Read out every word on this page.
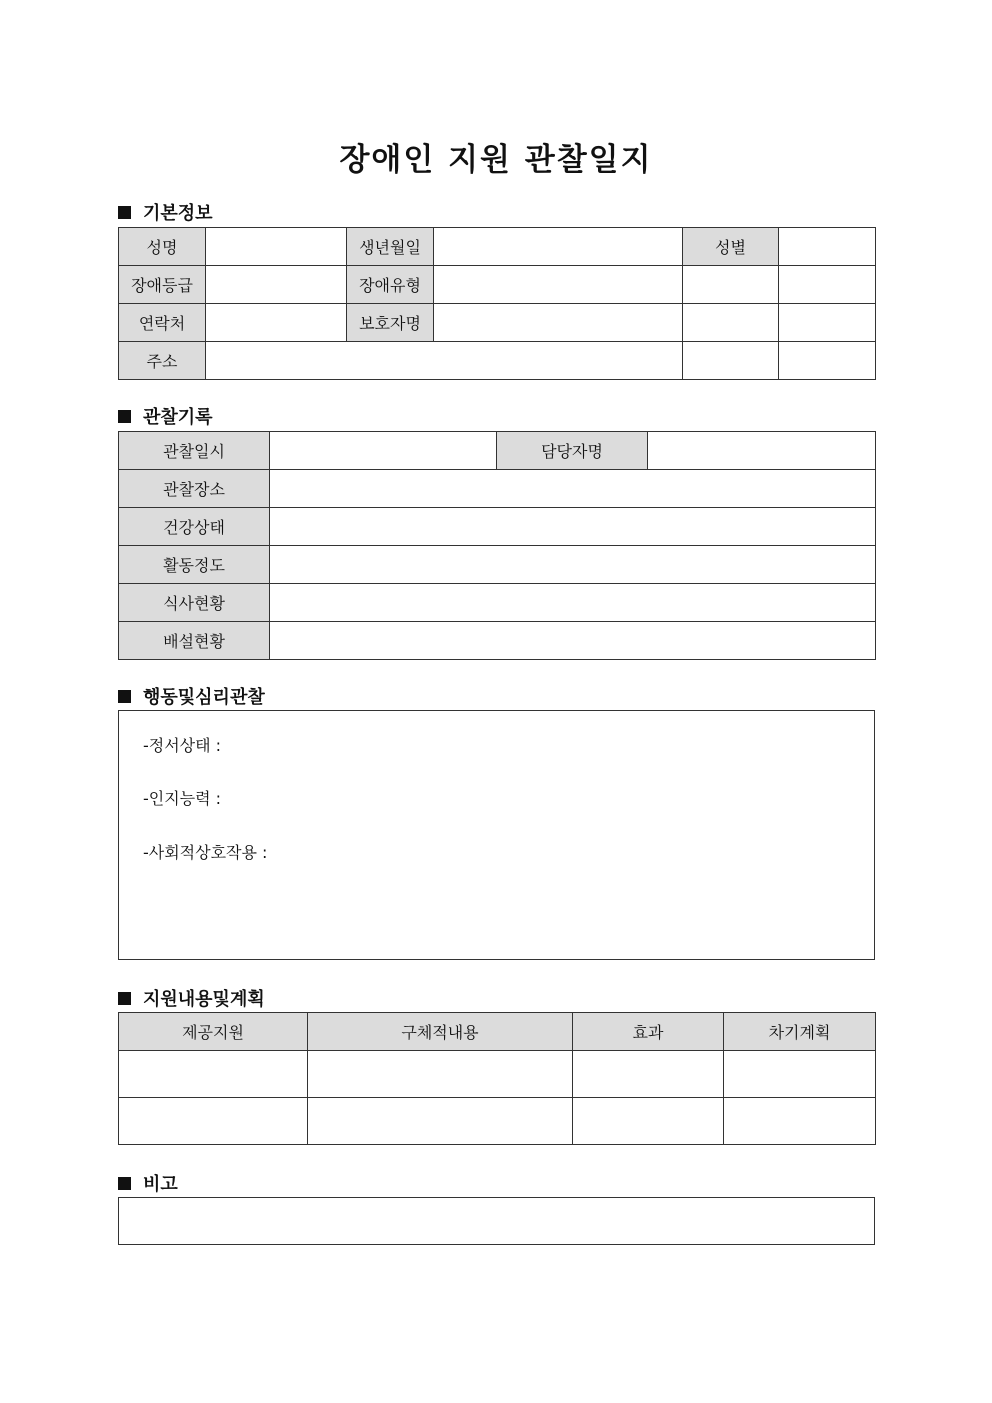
장애인 지원 관찰일지
기본정보
성명		생년월일		성별	
장애등급		장애유형			
연락처		보호자명			
주소					
관찰기록
관찰일시		담당자명	
관찰장소			
건강상태			
활동정도			
식사현황			
배설현황			
행동및심리관찰
-정서상태 :
-인지능력 :
-사회적상호작용 :
지원내용및계획
제공지원	구체적내용	효과	차기계획

비고
